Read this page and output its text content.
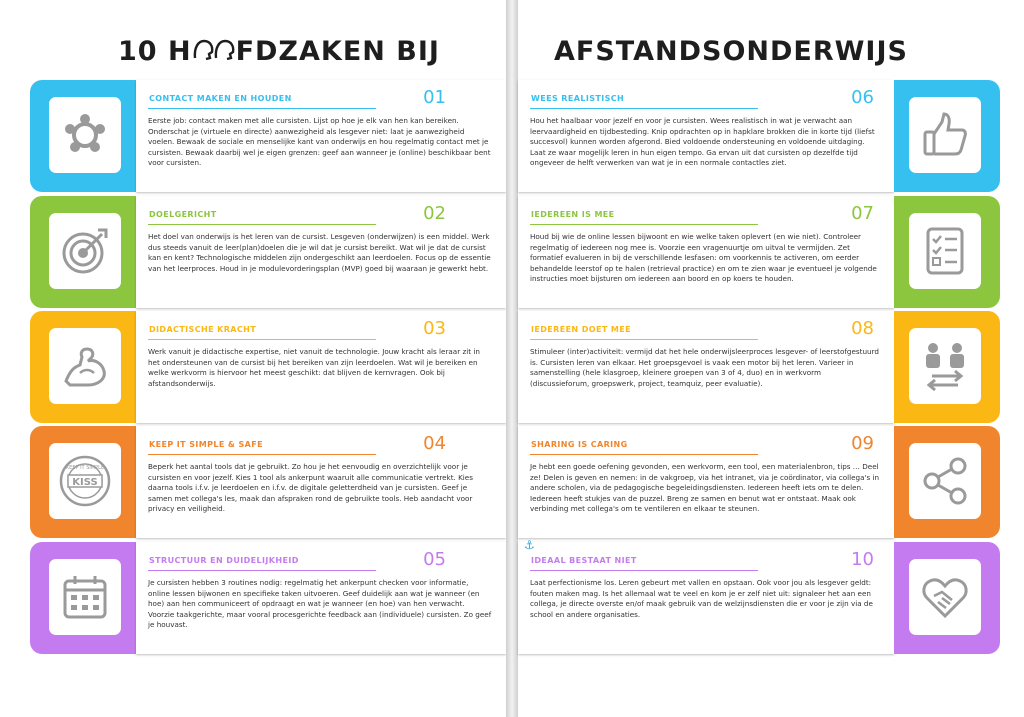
10 H FDZAKEN BIJ
CONTACT MAKEN EN HOUDEN	01
Eerste job: contact maken met alle cursisten. Lijst op hoe je elk van hen kan bereiken. Onderschat je (virtuele en directe) aanwezigheid als lesgever niet: laat je aanwezigheid voelen. Bewaak de sociale en menselijke kant van onderwijs en hou regelmatig contact met je cursisten. Bewaak daarbij wel je eigen grenzen: geef aan wanneer je (online) beschikbaar bent voor cursisten.
DOELGERICHT	02
Het doel van onderwijs is het leren van de cursist. Lesgeven (onderwijzen) is een middel. Werk dus steeds vanuit de leer(plan)doelen die je wil dat je cursist bereikt. Wat wil je dat de cursist kan en kent? Technologische middelen zijn ondergeschikt aan leerdoelen. Focus op de essentie van het leerproces. Houd in je modulevorderingsplan (MVP) goed bij waaraan je gewerkt hebt.
DIDACTISCHE KRACHT	03
Werk vanuit je didactische expertise, niet vanuit de technologie. Jouw kracht als leraar zit in het ondersteunen van de cursist bij het bereiken van zijn leerdoelen. Wat wil je bereiken en welke werkvorm is hiervoor het meest geschikt: dat blijven de kernvragen. Ook bij afstandsonderwijs.
KISS
KEEP IT SIMPLE
KEEP IT SIMPLE & SAFE	04
Beperk het aantal tools dat je gebruikt. Zo hou je het eenvoudig en overzichtelijk voor je cursisten en voor jezelf. Kies 1 tool als ankerpunt waaruit alle communicatie vertrekt. Kies daarna tools i.f.v. je leerdoelen en i.f.v. de digitale geletterdheid van je cursisten. Geef je samen met collega's les, maak dan afspraken rond de gebruikte tools. Heb aandacht voor privacy en veiligheid.
STRUCTUUR EN DUIDELIJKHEID	05
Je cursisten hebben 3 routines nodig: regelmatig het ankerpunt checken voor informatie, online lessen bijwonen en specifieke taken uitvoeren. Geef duidelijk aan wat je wanneer (en hoe) aan hen communiceert of opdraagt en wat je wanneer (en hoe) van hen verwacht. Voorzie taakgerichte, maar vooral procesgerichte feedback aan (individuele) cursisten. Zo geef je houvast.
AFSTANDSONDERWIJS
WEES REALISTISCH	06
Hou het haalbaar voor jezelf en voor je cursisten. Wees realistisch in wat je verwacht aan leervaardigheid en tijdbesteding. Knip opdrachten op in hapklare brokken die in korte tijd (liefst succesvol) kunnen worden afgerond. Bied voldoende ondersteuning en voldoende uitdaging. Laat ze waar mogelijk leren in hun eigen tempo. Ga ervan uit dat cursisten op dezelfde tijd ongeveer de helft verwerken van wat je in een normale contactles ziet.
IEDEREEN IS MEE	07
Houd bij wie de online lessen bijwoont en wie welke taken oplevert (en wie niet). Controleer regelmatig of iedereen nog mee is. Voorzie een vragenuurtje om uitval te vermijden. Zet formatief evalueren in bij de verschillende lesfasen: om voorkennis te activeren, om eerder behandelde leerstof op te halen (retrieval practice) en om te zien waar je eventueel je volgende instructies moet bijsturen om iedereen aan boord en op koers te houden.
IEDEREEN DOET MEE	08
Stimuleer (inter)activiteit: vermijd dat het hele onderwijsleerproces lesgever- of leerstofgestuurd is. Cursisten leren van elkaar. Het groepsgevoel is vaak een motor bij het leren. Varieer in samenstelling (hele klasgroep, kleinere groepen van 3 of 4, duo) en in werkvorm (discussieforum, groepswerk, project, teamquiz, peer evaluatie).
SHARING IS CARING	09
Je hebt een goede oefening gevonden, een werkvorm, een tool, een materialenbron, tips … Deel ze! Delen is geven en nemen: in de vakgroep, via het intranet, via je coördinator, via collega's in andere scholen, via de pedagogische begeleidingsdiensten. Iedereen heeft iets om te delen. Iedereen heeft stukjes van de puzzel. Breng ze samen en benut wat er ontstaat. Maak ook verbinding met collega's om te ventileren en elkaar te steunen.
IDEAAL BESTAAT NIET	10
Laat perfectionisme los. Leren gebeurt met vallen en opstaan. Ook voor jou als lesgever geldt: fouten maken mag. Is het allemaal wat te veel en kom je er zelf niet uit: signaleer het aan een collega, je directe overste en/of maak gebruik van de welzijnsdiensten die er voor je zijn via de school en andere organisaties.
⚓
